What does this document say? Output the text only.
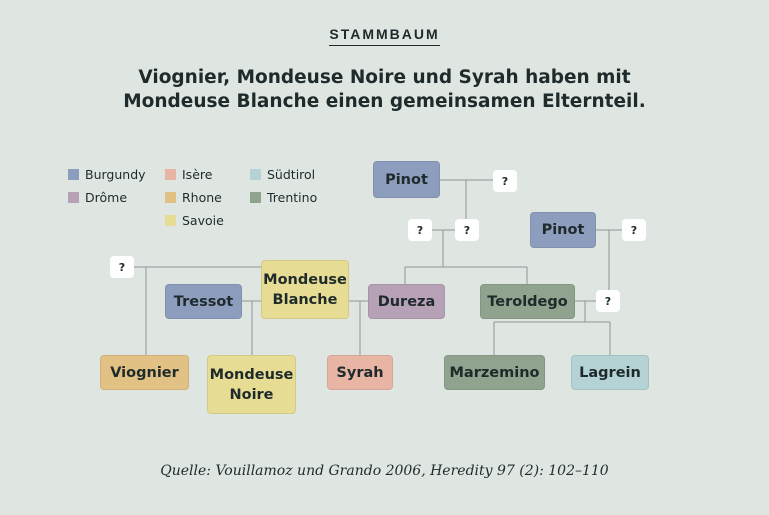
STAMMBAUM
Viognier, Mondeuse Noire und Syrah haben mit
Mondeuse Blanche einen gemeinsamen Elternteil.
Burgundy
Drôme
Isère
Rhone
Savoie
Südtirol
Trentino
?
?	?	?
?
?
Pinot
Pinot
Tressot
Mondeuse
Blanche	Dureza	Teroldego
Viognier	Mondeuse
Noire
Syrah	Marzemino	Lagrein
Quelle: Vouillamoz und Grando 2006, Heredity 97 (2): 102–110
